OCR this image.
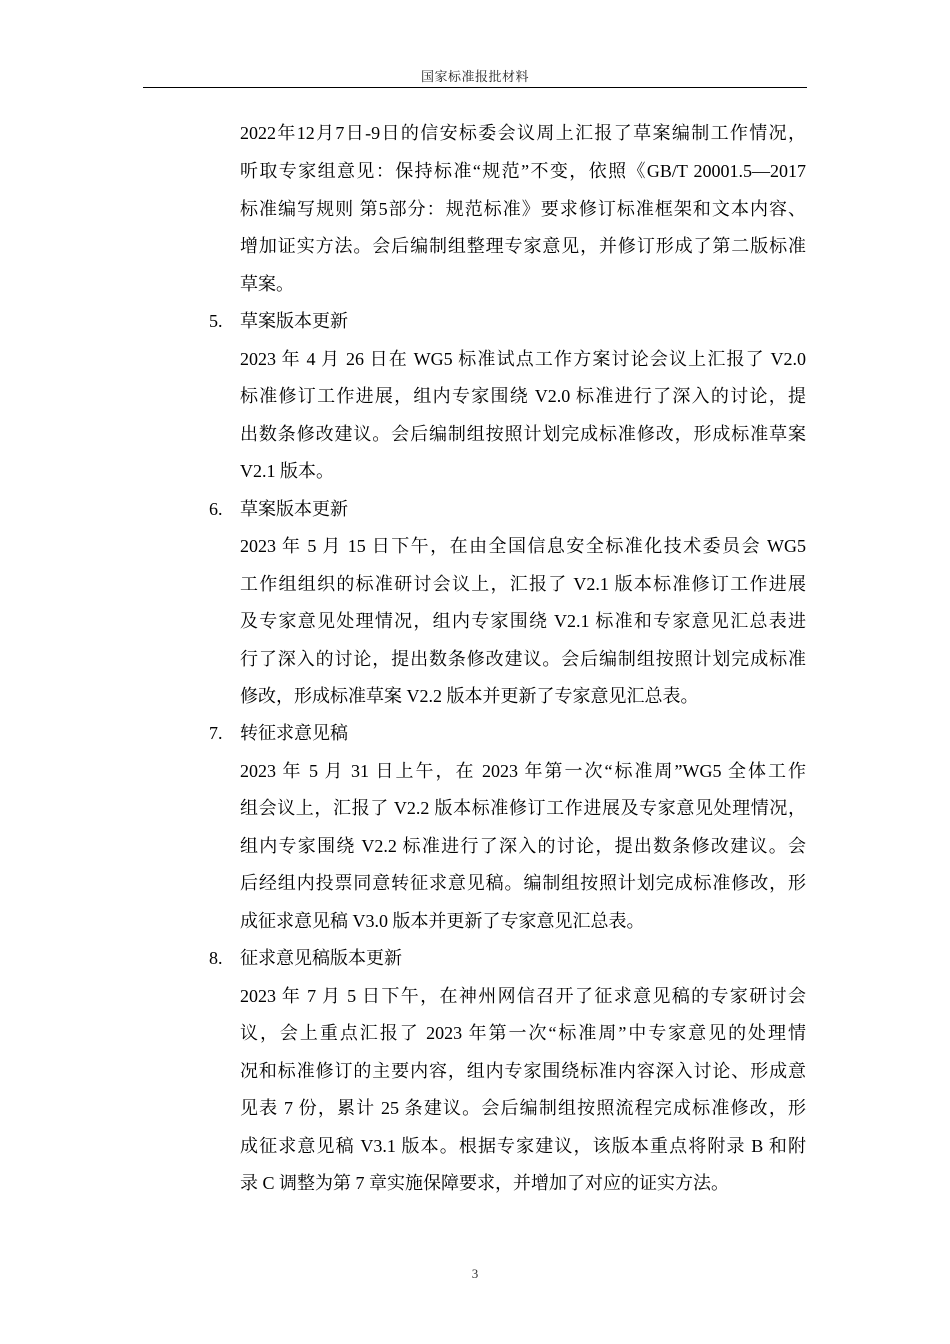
国家标准报批材料
2022年12月7日-9日的信安标委会议周上汇报了草案编制工作情况，
听取专家组意见：保持标准“规范”不变，依照《GB/T 20001.5—2017
标准编写规则 第5部分：规范标准》要求修订标准框架和文本内容、
增加证实方法。会后编制组整理专家意见，并修订形成了第二版标准
草案。
5. 草案版本更新
2023 年 4 月 26 日在 WG5 标准试点工作方案讨论会议上汇报了 V2.0
标准修订工作进展，组内专家围绕 V2.0 标准进行了深入的讨论，提
出数条修改建议。会后编制组按照计划完成标准修改，形成标准草案
V2.1 版本。
6. 草案版本更新
2023 年 5 月 15 日下午，在由全国信息安全标准化技术委员会 WG5
工作组组织的标准研讨会议上，汇报了 V2.1 版本标准修订工作进展
及专家意见处理情况，组内专家围绕 V2.1 标准和专家意见汇总表进
行了深入的讨论，提出数条修改建议。会后编制组按照计划完成标准
修改，形成标准草案 V2.2 版本并更新了专家意见汇总表。
7. 转征求意见稿
2023 年 5 月 31 日上午，在 2023 年第一次“标准周”WG5 全体工作
组会议上，汇报了 V2.2 版本标准修订工作进展及专家意见处理情况，
组内专家围绕 V2.2 标准进行了深入的讨论，提出数条修改建议。会
后经组内投票同意转征求意见稿。编制组按照计划完成标准修改，形
成征求意见稿 V3.0 版本并更新了专家意见汇总表。
8. 征求意见稿版本更新
2023 年 7 月 5 日下午，在神州网信召开了征求意见稿的专家研讨会
议，会上重点汇报了 2023 年第一次“标准周”中专家意见的处理情
况和标准修订的主要内容，组内专家围绕标准内容深入讨论、形成意
见表 7 份，累计 25 条建议。会后编制组按照流程完成标准修改，形
成征求意见稿 V3.1 版本。根据专家建议，该版本重点将附录 B 和附
录 C 调整为第 7 章实施保障要求，并增加了对应的证实方法。
3
